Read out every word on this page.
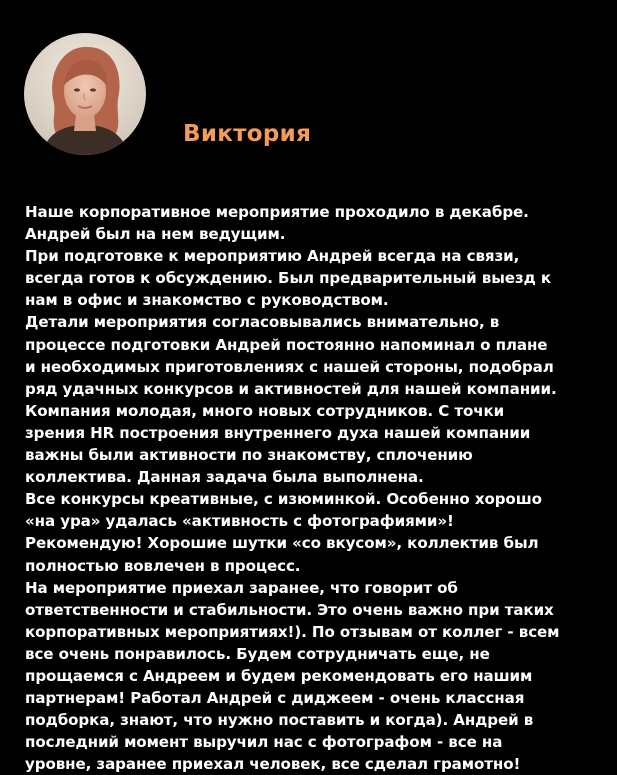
Виктория

Наше корпоративное мероприятие проходило в декабре.
Андрей был на нем ведущим.
При подготовке к мероприятию Андрей всегда на связи,
всегда готов к обсуждению. Был предварительный выезд к
нам в офис и знакомство с руководством.
Детали мероприятия согласовывались внимательно, в
процессе подготовки Андрей постоянно напоминал о плане
и необходимых приготовлениях с нашей стороны, подобрал
ряд удачных конкурсов и активностей для нашей компании.
Компания молодая, много новых сотрудников. С точки
зрения HR построения внутреннего духа нашей компании
важны были активности по знакомству, сплочению
коллектива. Данная задача была выполнена.
Все конкурсы креативные, с изюминкой. Особенно хорошо
«на ура» удалась «активность с фотографиями»!
Рекомендую! Хорошие шутки «со вкусом», коллектив был
полностью вовлечен в процесс.
На мероприятие приехал заранее, что говорит об
ответственности и стабильности. Это очень важно при таких
корпоративных мероприятиях!). По отзывам от коллег - всем
все очень понравилось. Будем сотрудничать еще, не
прощаемся с Андреем и будем рекомендовать его нашим
партнерам! Работал Андрей с диджеем - очень классная
подборка, знают, что нужно поставить и когда). Андрей в
последний момент выручил нас с фотографом - все на
уровне, заранее приехал человек, все сделал грамотно!
